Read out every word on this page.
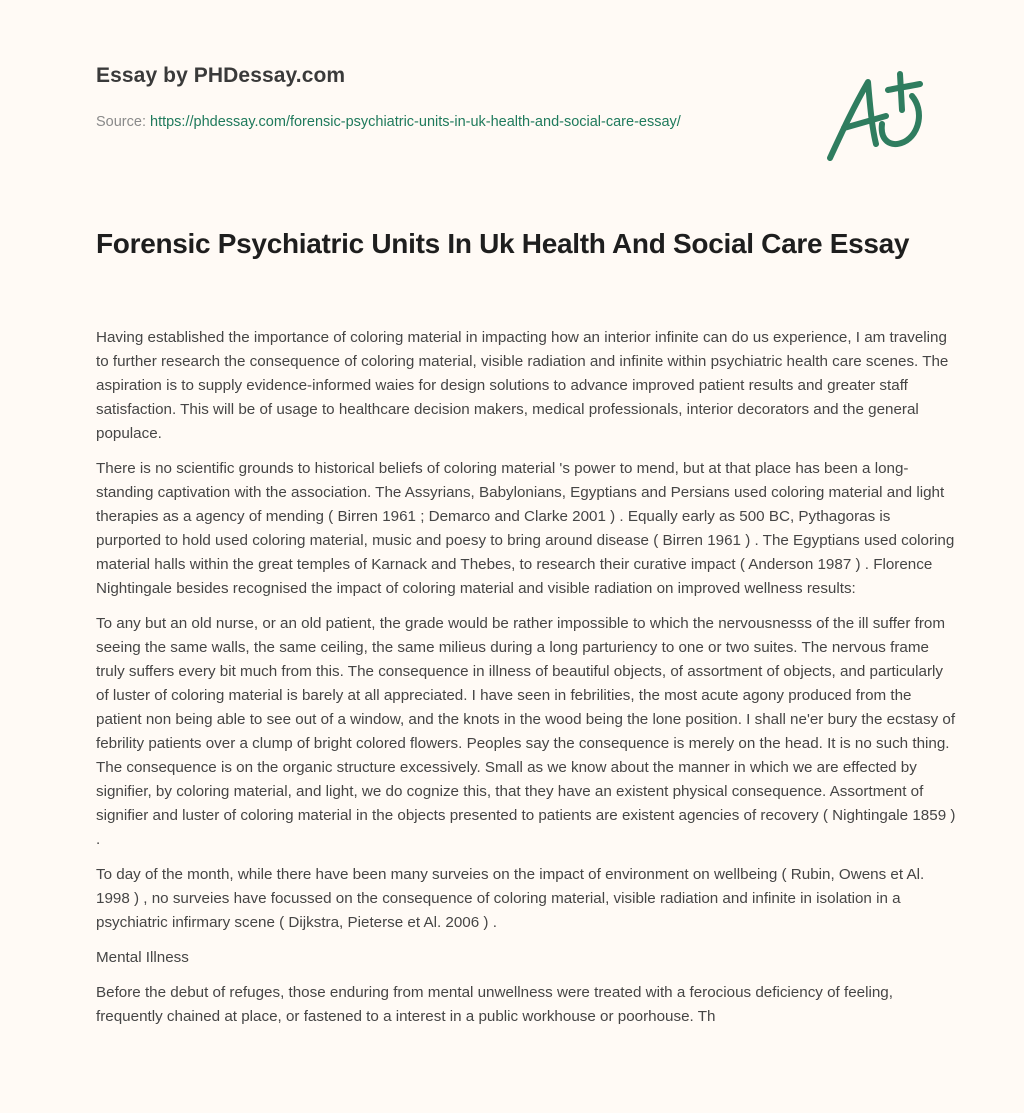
Essay by PHDessay.com
Source: https://phdessay.com/forensic-psychiatric-units-in-uk-health-and-social-care-essay/
Forensic Psychiatric Units In Uk Health And Social Care Essay

Having established the importance of coloring material in impacting how an interior infinite can do us experience, I am traveling to further research the consequence of coloring material, visible radiation and infinite within psychiatric health care scenes. The aspiration is to supply evidence-informed waies for design solutions to advance improved patient results and greater staff satisfaction. This will be of usage to healthcare decision makers, medical professionals, interior decorators and the general populace.

There is no scientific grounds to historical beliefs of coloring material 's power to mend, but at that place has been a long-standing captivation with the association. The Assyrians, Babylonians, Egyptians and Persians used coloring material and light therapies as a agency of mending ( Birren 1961 ; Demarco and Clarke 2001 ) . Equally early as 500 BC, Pythagoras is purported to hold used coloring material, music and poesy to bring around disease ( Birren 1961 ) . The Egyptians used coloring material halls within the great temples of Karnack and Thebes, to research their curative impact ( Anderson 1987 ) . Florence Nightingale besides recognised the impact of coloring material and visible radiation on improved wellness results:

To any but an old nurse, or an old patient, the grade would be rather impossible to which the nervousnesss of the ill suffer from seeing the same walls, the same ceiling, the same milieus during a long parturiency to one or two suites. The nervous frame truly suffers every bit much from this. The consequence in illness of beautiful objects, of assortment of objects, and particularly of luster of coloring material is barely at all appreciated. I have seen in febrilities, the most acute agony produced from the patient non being able to see out of a window, and the knots in the wood being the lone position. I shall ne'er bury the ecstasy of febrility patients over a clump of bright colored flowers. Peoples say the consequence is merely on the head. It is no such thing. The consequence is on the organic structure excessively. Small as we know about the manner in which we are effected by signifier, by coloring material, and light, we do cognize this, that they have an existent physical consequence. Assortment of signifier and luster of coloring material in the objects presented to patients are existent agencies of recovery ( Nightingale 1859 ) .

To day of the month, while there have been many surveies on the impact of environment on wellbeing ( Rubin, Owens et Al. 1998 ) , no surveies have focussed on the consequence of coloring material, visible radiation and infinite in isolation in a psychiatric infirmary scene ( Dijkstra, Pieterse et Al. 2006 ) .

Mental Illness

Before the debut of refuges, those enduring from mental unwellness were treated with a ferocious deficiency of feeling, frequently chained at place, or fastened to a interest in a public workhouse or poorhouse. Th
